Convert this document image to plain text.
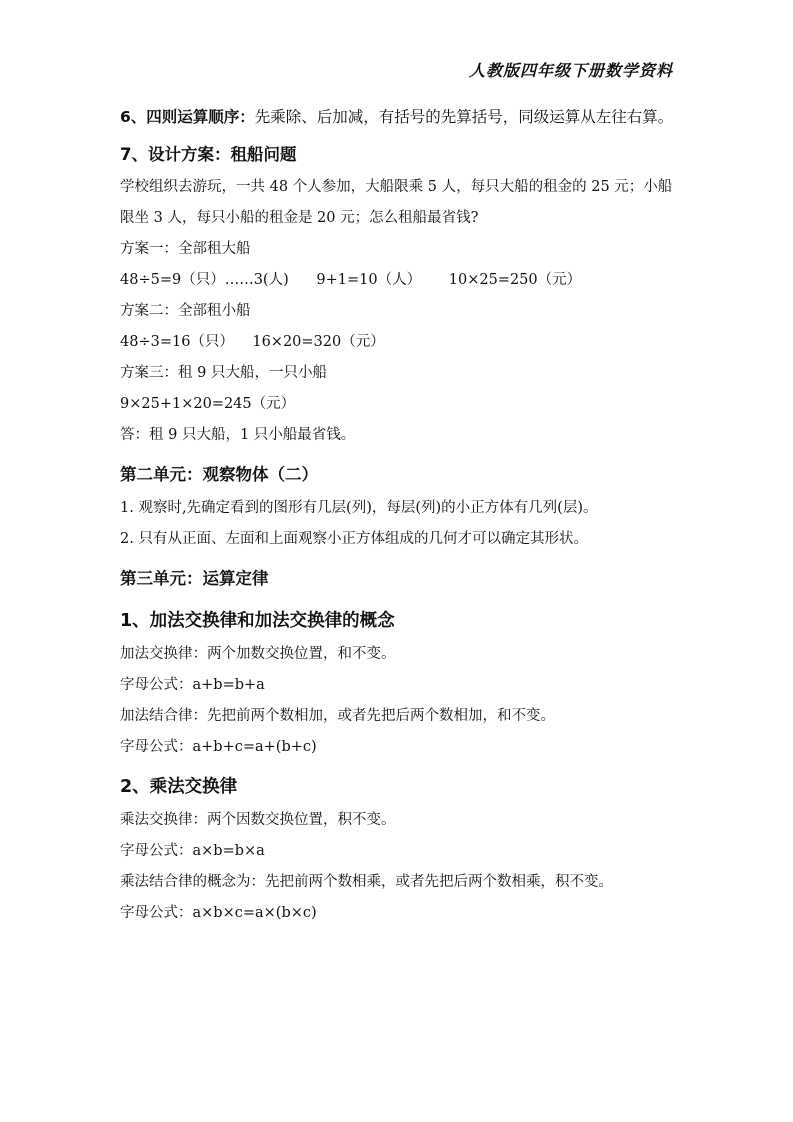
人教版四年级下册数学资料
6、四则运算顺序：先乘除、后加减，有括号的先算括号，同级运算从左往右算。
7、设计方案：租船问题
学校组织去游玩，一共 48 个人参加，大船限乘 5 人，每只大船的租金的 25 元；小船限坐 3 人，每只小船的租金是 20 元；怎么租船最省钱?
方案一：全部租大船
48÷5=9（只）……3(人)      9+1=10（人）      10×25=250（元）
方案二：全部租小船
48÷3=16（只）    16×20=320（元）
方案三：租 9 只大船，一只小船
9×25+1×20=245（元）
答：租 9 只大船，1 只小船最省钱。
第二单元：观察物体（二）
1. 观察时,先确定看到的图形有几层(列)，每层(列)的小正方体有几列(层)。
2. 只有从正面、左面和上面观察小正方体组成的几何才可以确定其形状。
第三单元：运算定律
1、加法交换律和加法交换律的概念
加法交换律：两个加数交换位置，和不变。
字母公式：a+b=b+a
加法结合律：先把前两个数相加，或者先把后两个数相加，和不变。
字母公式：a+b+c=a+(b+c)
2、乘法交换律
乘法交换律：两个因数交换位置，积不变。
字母公式：a×b=b×a
乘法结合律的概念为：先把前两个数相乘，或者先把后两个数相乘，积不变。
字母公式：a×b×c=a×(b×c)
